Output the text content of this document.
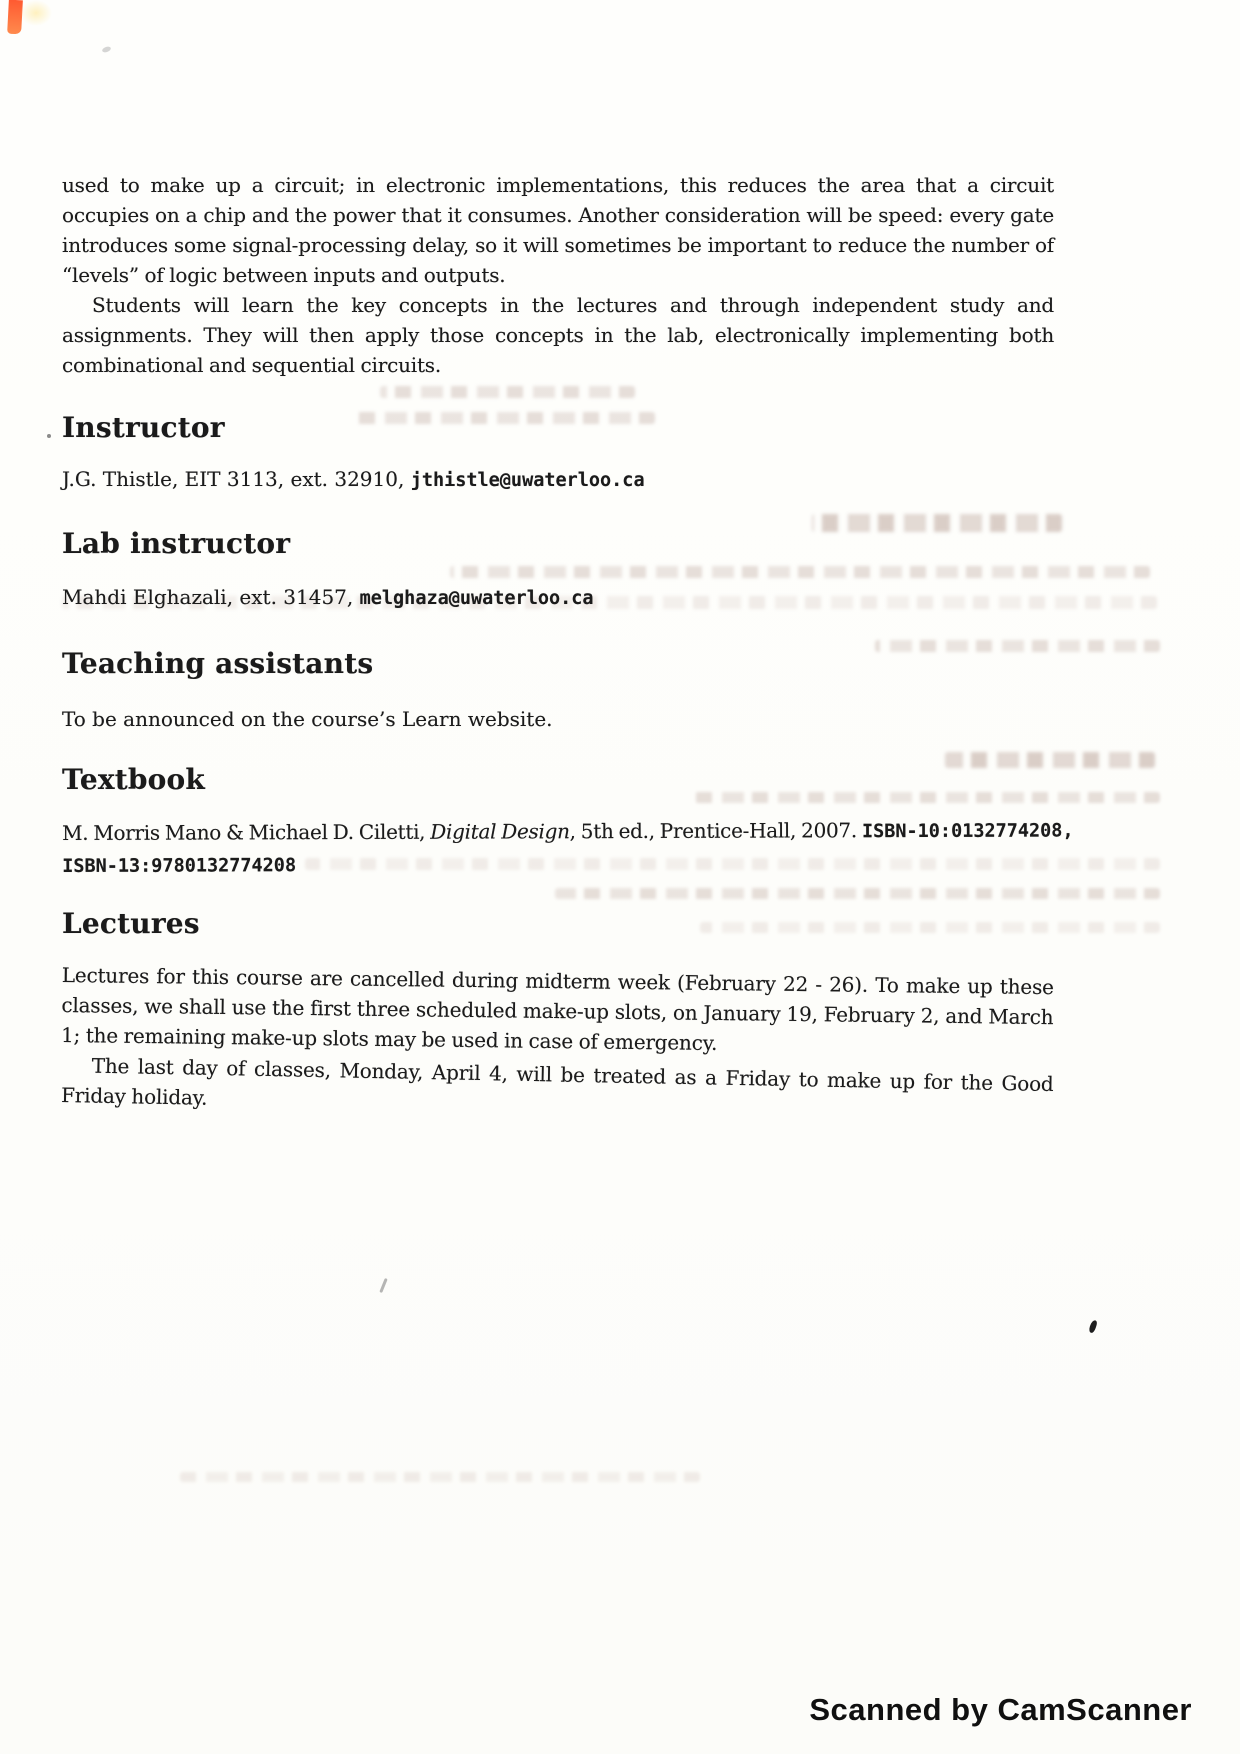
used to make up a circuit; in electronic implementations, this reduces the area that a circuit occupies on a chip and the power that it consumes. Another consideration will be speed: every gate introduces some signal-processing delay, so it will sometimes be important to reduce the number of “levels” of logic between inputs and outputs.

Students will learn the key concepts in the lectures and through independent study and assignments. They will then apply those concepts in the lab, electronically implementing both combinational and sequential circuits.

Instructor

J.G. Thistle, EIT 3113, ext. 32910, jthistle@uwaterloo.ca

Lab instructor

Mahdi Elghazali, ext. 31457, melghaza@uwaterloo.ca

Teaching assistants

To be announced on the course’s Learn website.

Textbook
M. Morris Mano & Michael D. Ciletti, Digital Design, 5th ed., Prentice-Hall, 2007. ISBN-10:0132774208,
ISBN-13:9780132774208
Lectures

Lectures for this course are cancelled during midterm week (February 22 - 26). To make up these classes, we shall use the first three scheduled make-up slots, on January 19, February 2, and March 1; the remaining make-up slots may be used in case of emergency.

The last day of classes, Monday, April 4, will be treated as a Friday to make up for the Good Friday holiday.

Scanned by CamScanner
